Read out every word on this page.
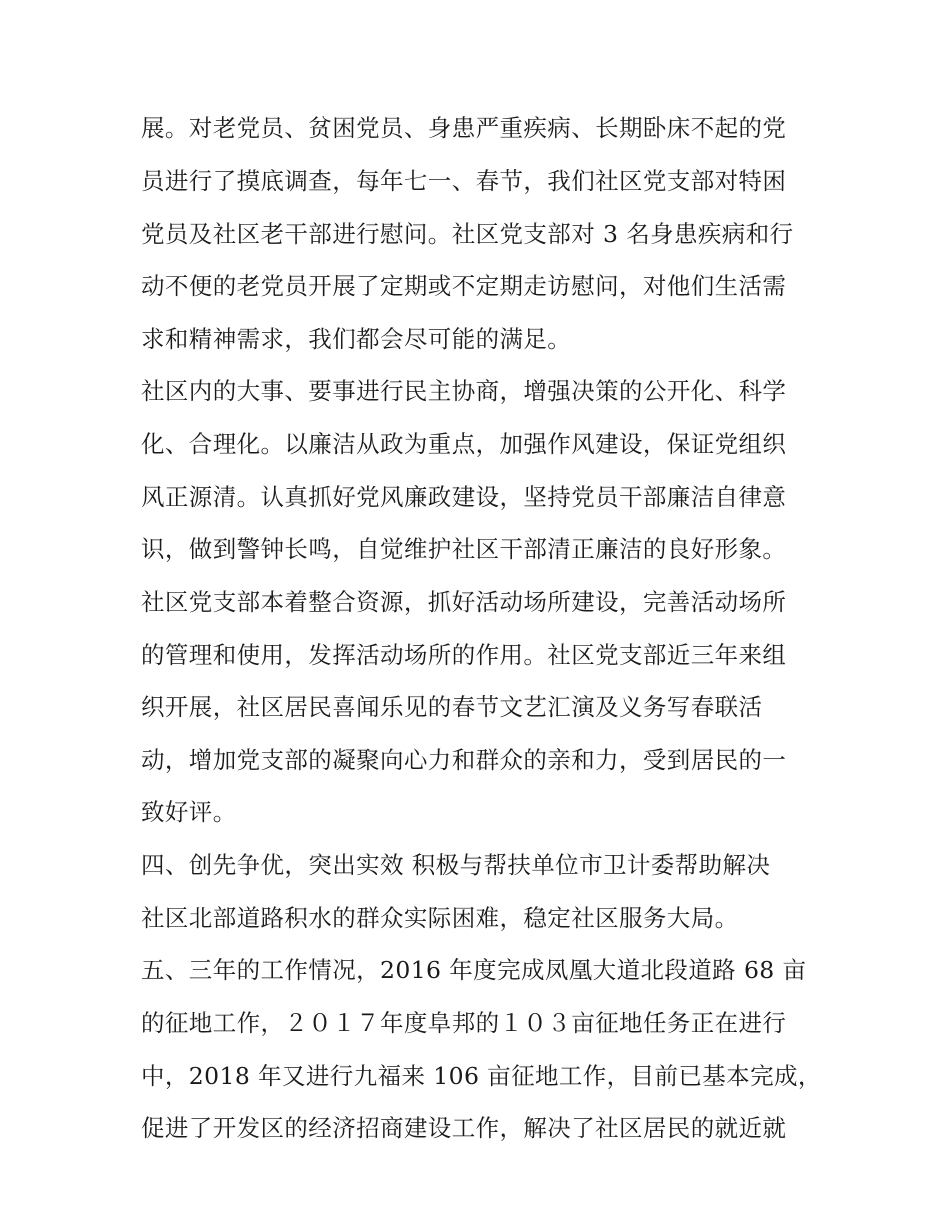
展。对老党员、贫困党员、身患严重疾病、长期卧床不起的党
员进行了摸底调查，每年七一、春节，我们社区党支部对特困
党员及社区老干部进行慰问。社区党支部对 3 名身患疾病和行
动不便的老党员开展了定期或不定期走访慰问，对他们生活需
求和精神需求，我们都会尽可能的满足。
社区内的大事、要事进行民主协商，增强决策的公开化、科学
化、合理化。以廉洁从政为重点，加强作风建设，保证党组织
风正源清。认真抓好党风廉政建设，坚持党员干部廉洁自律意
识，做到警钟长鸣，自觉维护社区干部清正廉洁的良好形象。
社区党支部本着整合资源，抓好活动场所建设，完善活动场所
的管理和使用，发挥活动场所的作用。社区党支部近三年来组
织开展，社区居民喜闻乐见的春节文艺汇演及义务写春联活
动，增加党支部的凝聚向心力和群众的亲和力，受到居民的一
致好评。
四、创先争优，突出实效 积极与帮扶单位市卫计委帮助解决
社区北部道路积水的群众实际困难，稳定社区服务大局。
五、三年的工作情况，2016 年度完成凤凰大道北段道路 68 亩
的征地工作，２０１７年度阜邦的１０３亩征地任务正在进行
中，2018 年又进行九福来 106 亩征地工作，目前已基本完成，
促进了开发区的经济招商建设工作，解决了社区居民的就近就
